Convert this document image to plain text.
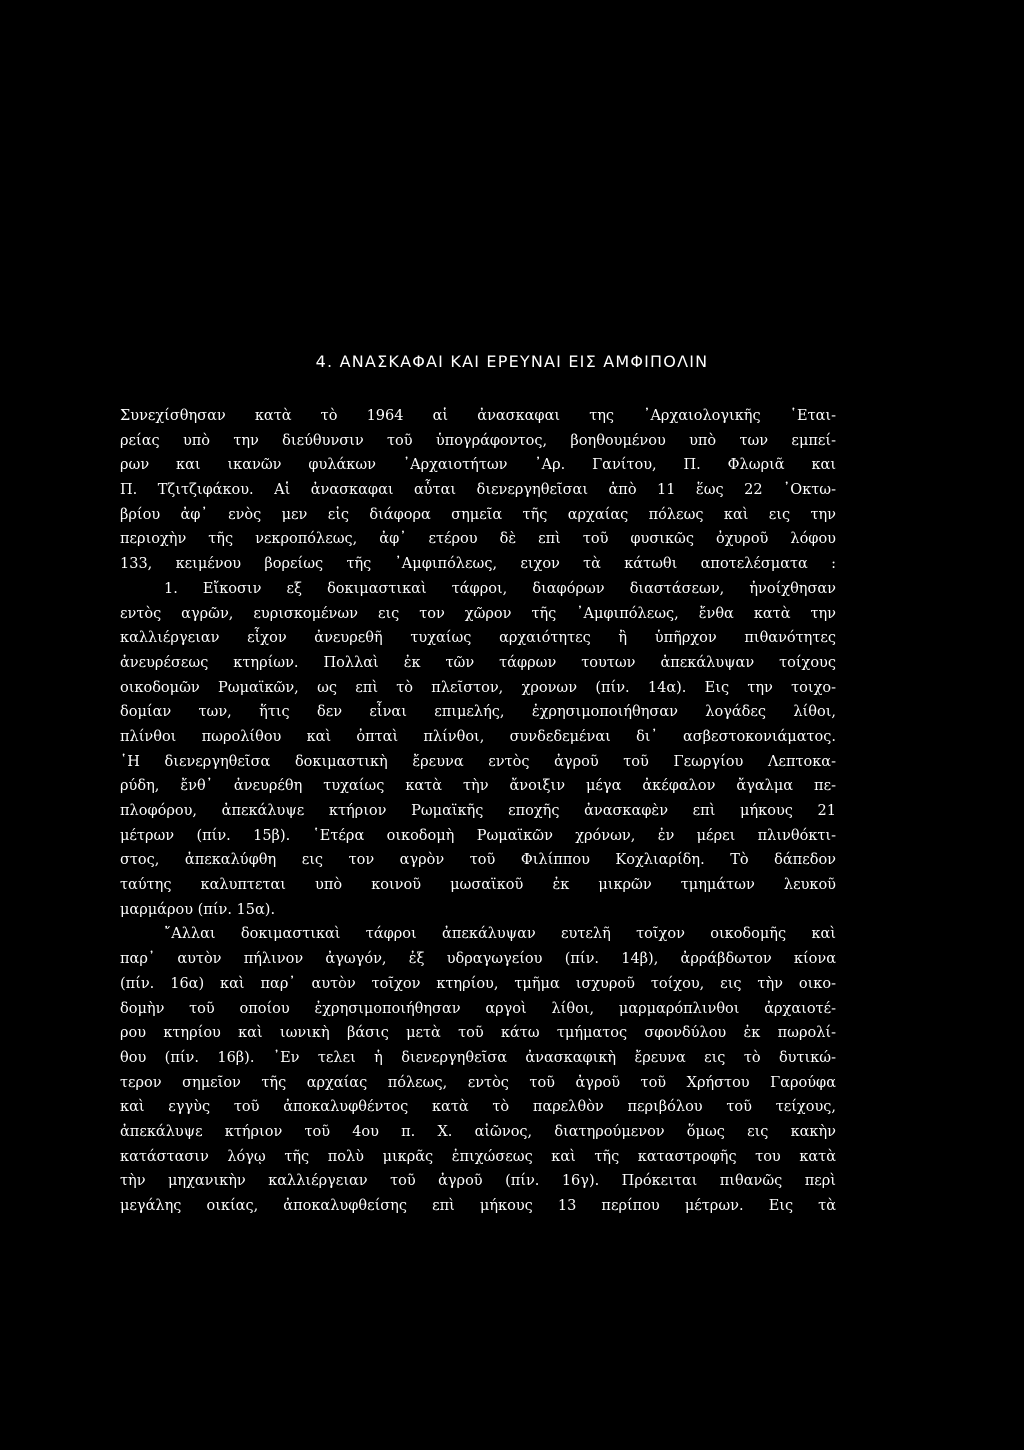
4. ΑΝΑΣΚΑΦΑΙ ΚΑΙ ΕΡΕΥΝΑΙ ΕΙΣ ΑΜΦΙΠΟΛΙΝ
Συνεχίσθησαν κατὰ τὸ 1964 αἱ ἀνασκαφαι της ᾿Αρχαιολογικῆς ῾Εται-
ρείας υπὸ την διεύθυνσιν τοῦ ὑπογράφοντος, βοηθουμένου υπὸ των εμπεί-
ρων και ικανῶν φυλάκων ᾿Αρχαιοτήτων ᾿Αρ. Γανίτου, Π. Φλωριᾶ και
Π. Τζιτζιφάκου. Αἱ ἀνασκαφαι αὗται διενεργηθεῖσαι ἀπὸ 11 ἕως 22 ᾿Οκτω-
βρίου ἀφ᾿ ενὸς μεν εἰς διάφορα σημεῖα τῆς αρχαίας πόλεως καὶ εις την
περιοχὴν τῆς νεκροπόλεως, ἀφ᾿ ετέρου δὲ επὶ τοῦ φυσικῶς ὀχυροῦ λόφου
133, κειμένου βορείως τῆς ᾿Αμφιπόλεως, ειχον τὰ κάτωθι αποτελέσματα :
1. Εἴκοσιν εξ δοκιμαστικαὶ τάφροι, διαφόρων διαστάσεων, ἠνοίχθησαν
εντὸς αγρῶν, ευρισκομένων εις τον χῶρον τῆς ᾿Αμφιπόλεως, ἔνθα κατὰ την
καλλιέργειαν εἶχον ἀνευρεθῆ τυχαίως αρχαιότητες ἢ ὑπῆρχον πιθανότητες
ἀνευρέσεως κτηρίων. Πολλαὶ ἐκ τῶν τάφρων τουτων ἀπεκάλυψαν τοίχους
οικοδομῶν Ρωμαϊκῶν, ως επὶ τὸ πλεῖστον, χρονων (πίν. 14α). Εις την τοιχο-
δομίαν των, ἥτις δεν εἶναι επιμελής, ἐχρησιμοποιήθησαν λογάδες λίθοι,
πλίνθοι πωρολίθου καὶ ὀπταὶ πλίνθοι, συνδεδεμέναι δι᾿ ασβεστοκονιάματος.
῾Η διενεργηθεῖσα δοκιμαστικὴ ἔρευνα εντὸς ἀγροῦ τοῦ Γεωργίου Λεπτοκα-
ρύδη, ἔνθ᾿ ἀνευρέθη τυχαίως κατὰ τὴν ἄνοιξιν μέγα ἀκέφαλον ἄγαλμα πε-
πλοφόρου, ἀπεκάλυψε κτήριον Ρωμαϊκῆς εποχῆς ἀνασκαφὲν επὶ μήκους 21
μέτρων (πίν. 15β). ῾Ετέρα οικοδομὴ Ρωμαϊκῶν χρόνων, ἐν μέρει πλινθόκτι-
στος, ἀπεκαλύφθη εις τον αγρὸν τοῦ Φιλίππου Κοχλιαρίδη. Τὸ δάπεδον
ταύτης καλυπτεται υπὸ κοινοῦ μωσαϊκοῦ ἐκ μικρῶν τμημάτων λευκοῦ
μαρμάρου (πίν. 15α).
῎Αλλαι δοκιμαστικαὶ τάφροι ἀπεκάλυψαν ευτελῆ τοῖχον οικοδομῆς καὶ
παρ᾿ αυτὸν πήλινον ἀγωγόν, ἐξ υδραγωγείου (πίν. 14β), ἀρράβδωτον κίονα
(πίν. 16α) καὶ παρ᾿ αυτὸν τοῖχον κτηρίου, τμῆμα ισχυροῦ τοίχου, εις τὴν οικο-
δομὴν τοῦ οποίου ἐχρησιμοποιήθησαν αργοὶ λίθοι, μαρμαρόπλινθοι ἀρχαιοτέ-
ρου κτηρίου καὶ ιωνικὴ βάσις μετὰ τοῦ κάτω τμήματος σφονδύλου ἐκ πωρολί-
θου (πίν. 16β). ᾿Εν τελει ἡ διενεργηθεῖσα ἀνασκαφικὴ ἔρευνα εις τὸ δυτικώ-
τερον σημεῖον τῆς αρχαίας πόλεως, εντὸς τοῦ ἀγροῦ τοῦ Χρήστου Γαρούφα
καὶ εγγὺς τοῦ ἀποκαλυφθέντος κατὰ τὸ παρελθὸν περιβόλου τοῦ τείχους,
ἀπεκάλυψε κτήριον τοῦ 4ου π. Χ. αἰῶνος, διατηρούμενον ὅμως εις κακὴν
κατάστασιν λόγῳ τῆς πολὺ μικρᾶς ἐπιχώσεως καὶ τῆς καταστροφῆς του κατὰ
τὴν μηχανικὴν καλλιέργειαν τοῦ ἀγροῦ (πίν. 16γ). Πρόκειται πιθανῶς περὶ
μεγάλης οικίας, ἀποκαλυφθείσης επὶ μήκους 13 περίπου μέτρων. Εις τὰ
